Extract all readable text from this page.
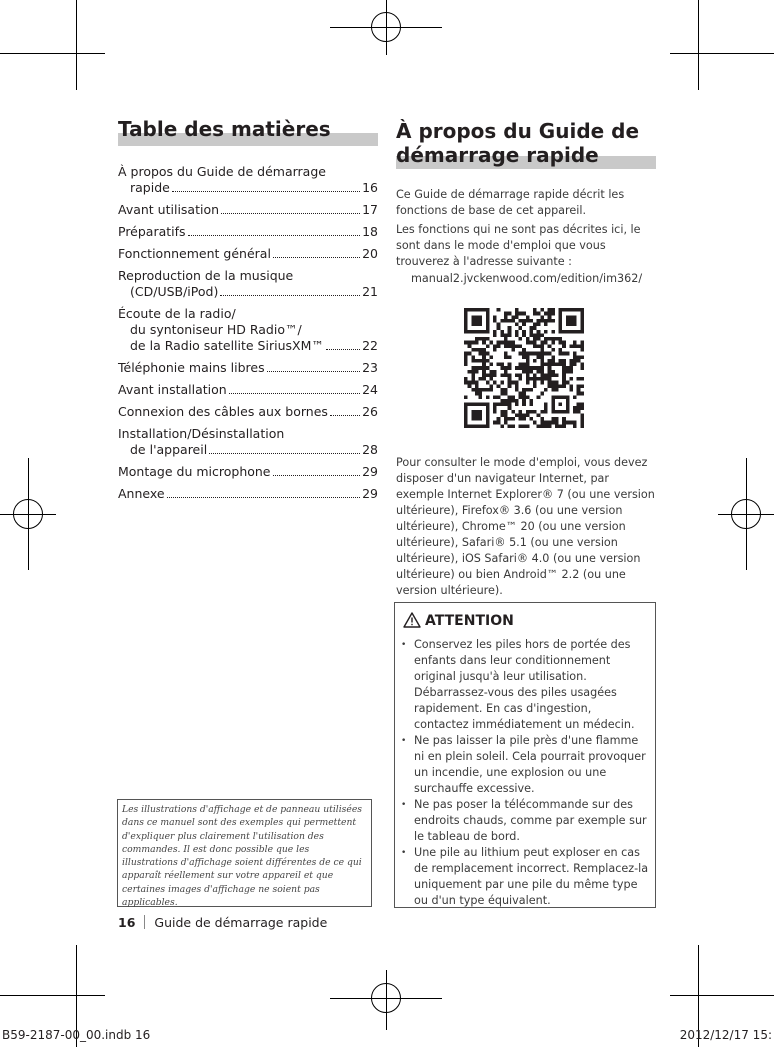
Table des matières
À propos du Guide de démarrage
rapide	16
Avant utilisation	17
Préparatifs	18
Fonctionnement général	20
Reproduction de la musique
(CD/USB/iPod)	21
Écoute de la radio/
du syntoniseur HD Radio™/
de la Radio satellite SiriusXM™	22
Téléphonie mains libres	23
Avant installation	24
Connexion des câbles aux bornes	26
Installation/Désinstallation
de l'appareil	28
Montage du microphone	29
Annexe	29
Les illustrations d'affichage et de panneau utilisées dans ce manuel sont des exemples qui permettent d'expliquer plus clairement l'utilisation des commandes. Il est donc possible que les illustrations d'affichage soient différentes de ce qui apparaît réellement sur votre appareil et que certaines images d'affichage ne soient pas applicables.
À propos du Guide de
démarrage rapide

Ce Guide de démarrage rapide décrit les fonctions de base de cet appareil.

Les fonctions qui ne sont pas décrites ici, le sont dans le mode d'emploi que vous trouverez à l'adresse suivante :

manual2.jvckenwood.com/edition/im362/

Pour consulter le mode d'emploi, vous devez disposer d'un navigateur Internet, par exemple Internet Explorer® 7 (ou une version ultérieure), Firefox® 3.6 (ou une version ultérieure), Chrome™ 20 (ou une version ultérieure), Safari® 5.1 (ou une version ultérieure), iOS Safari® 4.0 (ou une version ultérieure) ou bien Android™ 2.2 (ou une version ultérieure).

ATTENTION
• Conservez les piles hors de portée des enfants dans leur conditionnement original jusqu'à leur utilisation. Débarrassez-vous des piles usagées rapidement. En cas d'ingestion, contactez immédiatement un médecin.
• Ne pas laisser la pile près d'une flamme ni en plein soleil. Cela pourrait provoquer un incendie, une explosion ou une surchauffe excessive.
• Ne pas poser la télécommande sur des endroits chauds, comme par exemple sur le tableau de bord.
• Une pile au lithium peut exploser en cas de remplacement incorrect. Remplacez-la uniquement par une pile du même type ou d'un type équivalent.
16 Guide de démarrage rapide
B59-2187-00_00.indb 16	2012/12/17 15:
